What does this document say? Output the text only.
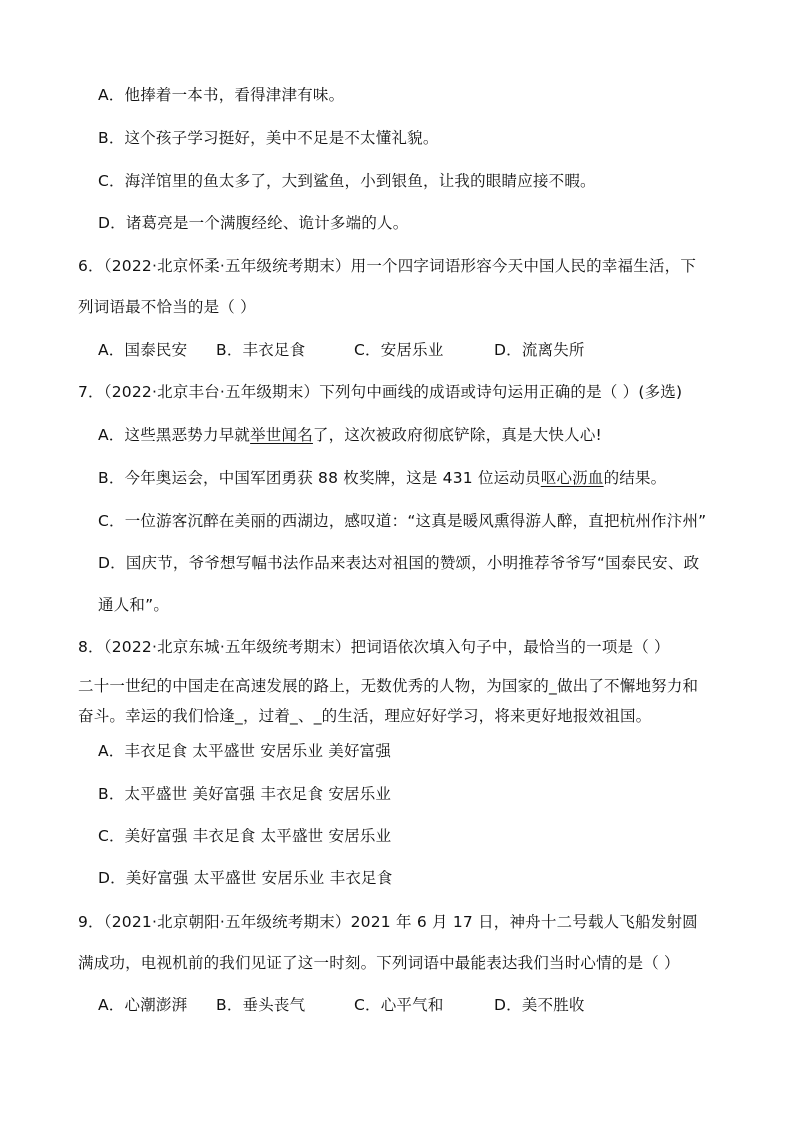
A．他捧着一本书，看得津津有味。
B．这个孩子学习挺好，美中不足是不太懂礼貌。
C．海洋馆里的鱼太多了，大到鲨鱼，小到银鱼，让我的眼睛应接不暇。
D．诸葛亮是一个满腹经纶、诡计多端的人。
6．（2022·北京怀柔·五年级统考期末）用一个四字词语形容今天中国人民的幸福生活，下
列词语最不恰当的是（ ）
A．国泰民安	B．丰衣足食	C．安居乐业	D．流离失所
7．（2022·北京丰台·五年级期末）下列句中画线的成语或诗句运用正确的是（ ）(多选)
A．这些黑恶势力早就举世闻名了，这次被政府彻底铲除，真是大快人心!
B．今年奥运会，中国军团勇获 88 枚奖牌，这是 431 位运动员呕心沥血的结果。
C．一位游客沉醉在美丽的西湖边，感叹道：“这真是暖风熏得游人醉，直把杭州作汴州”
D．国庆节，爷爷想写幅书法作品来表达对祖国的赞颂，小明推荐爷爷写“国泰民安、政
通人和”。
8．（2022·北京东城·五年级统考期末）把词语依次填入句子中，最恰当的一项是（ ）
二十一世纪的中国走在高速发展的路上，无数优秀的人物，为国家的_做出了不懈地努力和
奋斗。幸运的我们恰逢_，过着_、_的生活，理应好好学习，将来更好地报效祖国。
A．丰衣足食 太平盛世 安居乐业 美好富强
B．太平盛世 美好富强 丰衣足食 安居乐业
C．美好富强 丰衣足食 太平盛世 安居乐业
D．美好富强 太平盛世 安居乐业 丰衣足食
9．（2021·北京朝阳·五年级统考期末）2021 年 6 月 17 日，神舟十二号载人飞船发射圆
满成功，电视机前的我们见证了这一时刻。下列词语中最能表达我们当时心情的是（ ）
A．心潮澎湃	B．垂头丧气	C．心平气和	D．美不胜收
